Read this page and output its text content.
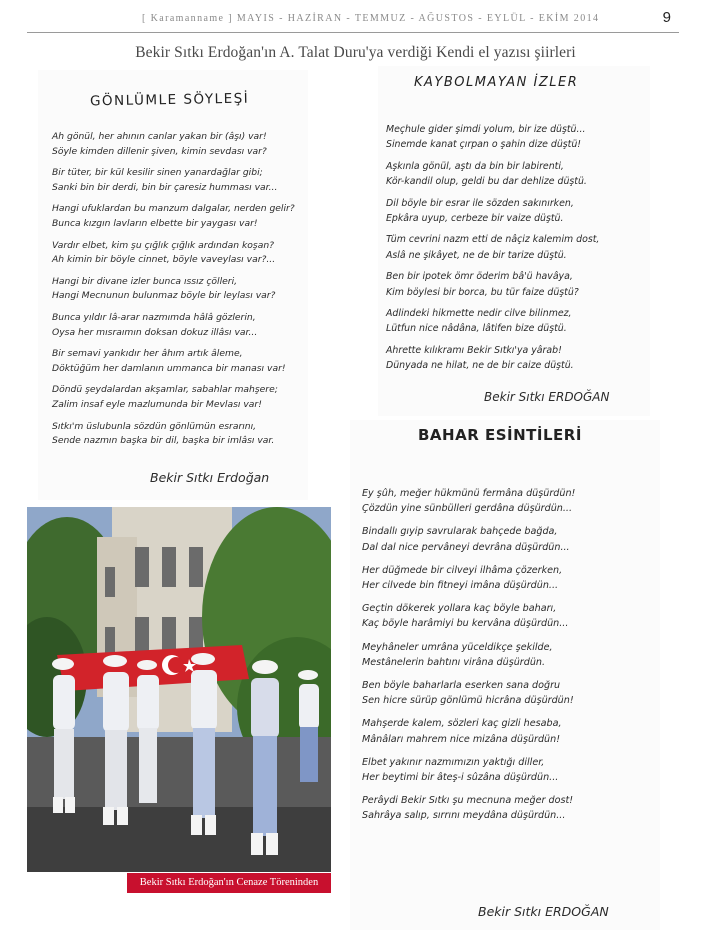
[ Karamanname ] MAYIS - HAZİRAN - TEMMUZ - AĞUSTOS - EYLÜL - EKİM 2014	9
Bekir Sıtkı Erdoğan'ın A. Talat Duru'ya verdiği Kendi el yazısı şiirleri
GÖNLÜMLE SÖYLEŞİ
Ah gönül, her ahının canlar yakan bir (âşı) var!
Söyle kimden dillenir şiven, kimin sevdası var?
Bir tüter, bir kül kesilir sinen yanardağlar gibi;
Sanki bin bir derdi, bin bir çaresiz humması var...
Hangi ufuklardan bu manzum dalgalar, nerden gelir?
Bunca kızgın lavların elbette bir yaygası var!
Vardır elbet, kim şu çığlık çığlık ardından koşan?
Ah kimin bir böyle cinnet, böyle vaveylası var?...
Hangi bir divane izler bunca ıssız çölleri,
Hangi Mecnunun bulunmaz böyle bir leylası var?
Bunca yıldır lâ-arar nazmımda hâlâ gözlerin,
Oysa her mısraımın doksan dokuz illâsı var...
Bir semavi yankıdır her âhım artık âleme,
Döktüğüm her damlanın ummanca bir manası var!
Döndü şeydalardan akşamlar, sabahlar mahşere;
Zalim insaf eyle mazlumunda bir Mevlası var!
Sıtkı'm üslubunla sözdün gönlümün esrarını,
Sende nazmın başka bir dil, başka bir imlâsı var.
Bekir Sıtkı Erdoğan
KAYBOLMAYAN İZLER
Meçhule gider şimdi yolum, bir ize düştü...
Sinemde kanat çırpan o şahin dize düştü!
Aşkınla gönül, aştı da bin bir labirenti,
Kör-kandil olup, geldi bu dar dehlize düştü.
Dil böyle bir esrar ile sözden sakınırken,
Epkâra uyup, cerbeze bir vaize düştü.
Tüm cevrini nazm etti de nâçiz kalemim dost,
Aslâ ne şikâyet, ne de bir tarize düştü.
Ben bir ipotek ömr öderim bâ'ü havâya,
Kim böylesi bir borca, bu tür faize düştü?
Adlindeki hikmette nedir cilve bilinmez,
Lütfun nice nâdâna, lâtifen bize düştü.
Ahrette kılıkramı Bekir Sıtkı'ya yârab!
Dünyada ne hilat, ne de bir caize düştü.
Bekir Sıtkı ERDOĞAN
BAHAR ESİNTİLERİ
Ey şûh, meğer hükmünü fermâna düşürdün!
Çözdün yine sünbülleri gerdâna düşürdün...
Bindallı gıyip savrularak bahçede bağda,
Dal dal nice pervâneyi devrâna düşürdün...
Her düğmede bir cilveyi ilhâma çözerken,
Her cilvede bin fitneyi imâna düşürdün...
Geçtin dökerek yollara kaç böyle baharı,
Kaç böyle harâmiyi bu kervâna düşürdün...
Meyhâneler umrâna yüceldikçe şekilde,
Mestânelerin bahtını virâna düşürdün.
Ben böyle baharlarla eserken sana doğru
Sen hicre sürüp gönlümü hicrâna düşürdün!
Mahşerde kalem, sözleri kaç gizli hesaba,
Mânâları mahrem nice mizâna düşürdün!
Elbet yakınır nazmımızın yaktığı diller,
Her beytimi bir âteş-i sûzâna düşürdün...
Perâydi Bekir Sıtkı şu mecnuna meğer dost!
Sahrâya salıp, sırrını meydâna düşürdün...
Bekir Sıtkı ERDOĞAN
Bekir Sıtkı Erdoğan'ın Cenaze Töreninden
